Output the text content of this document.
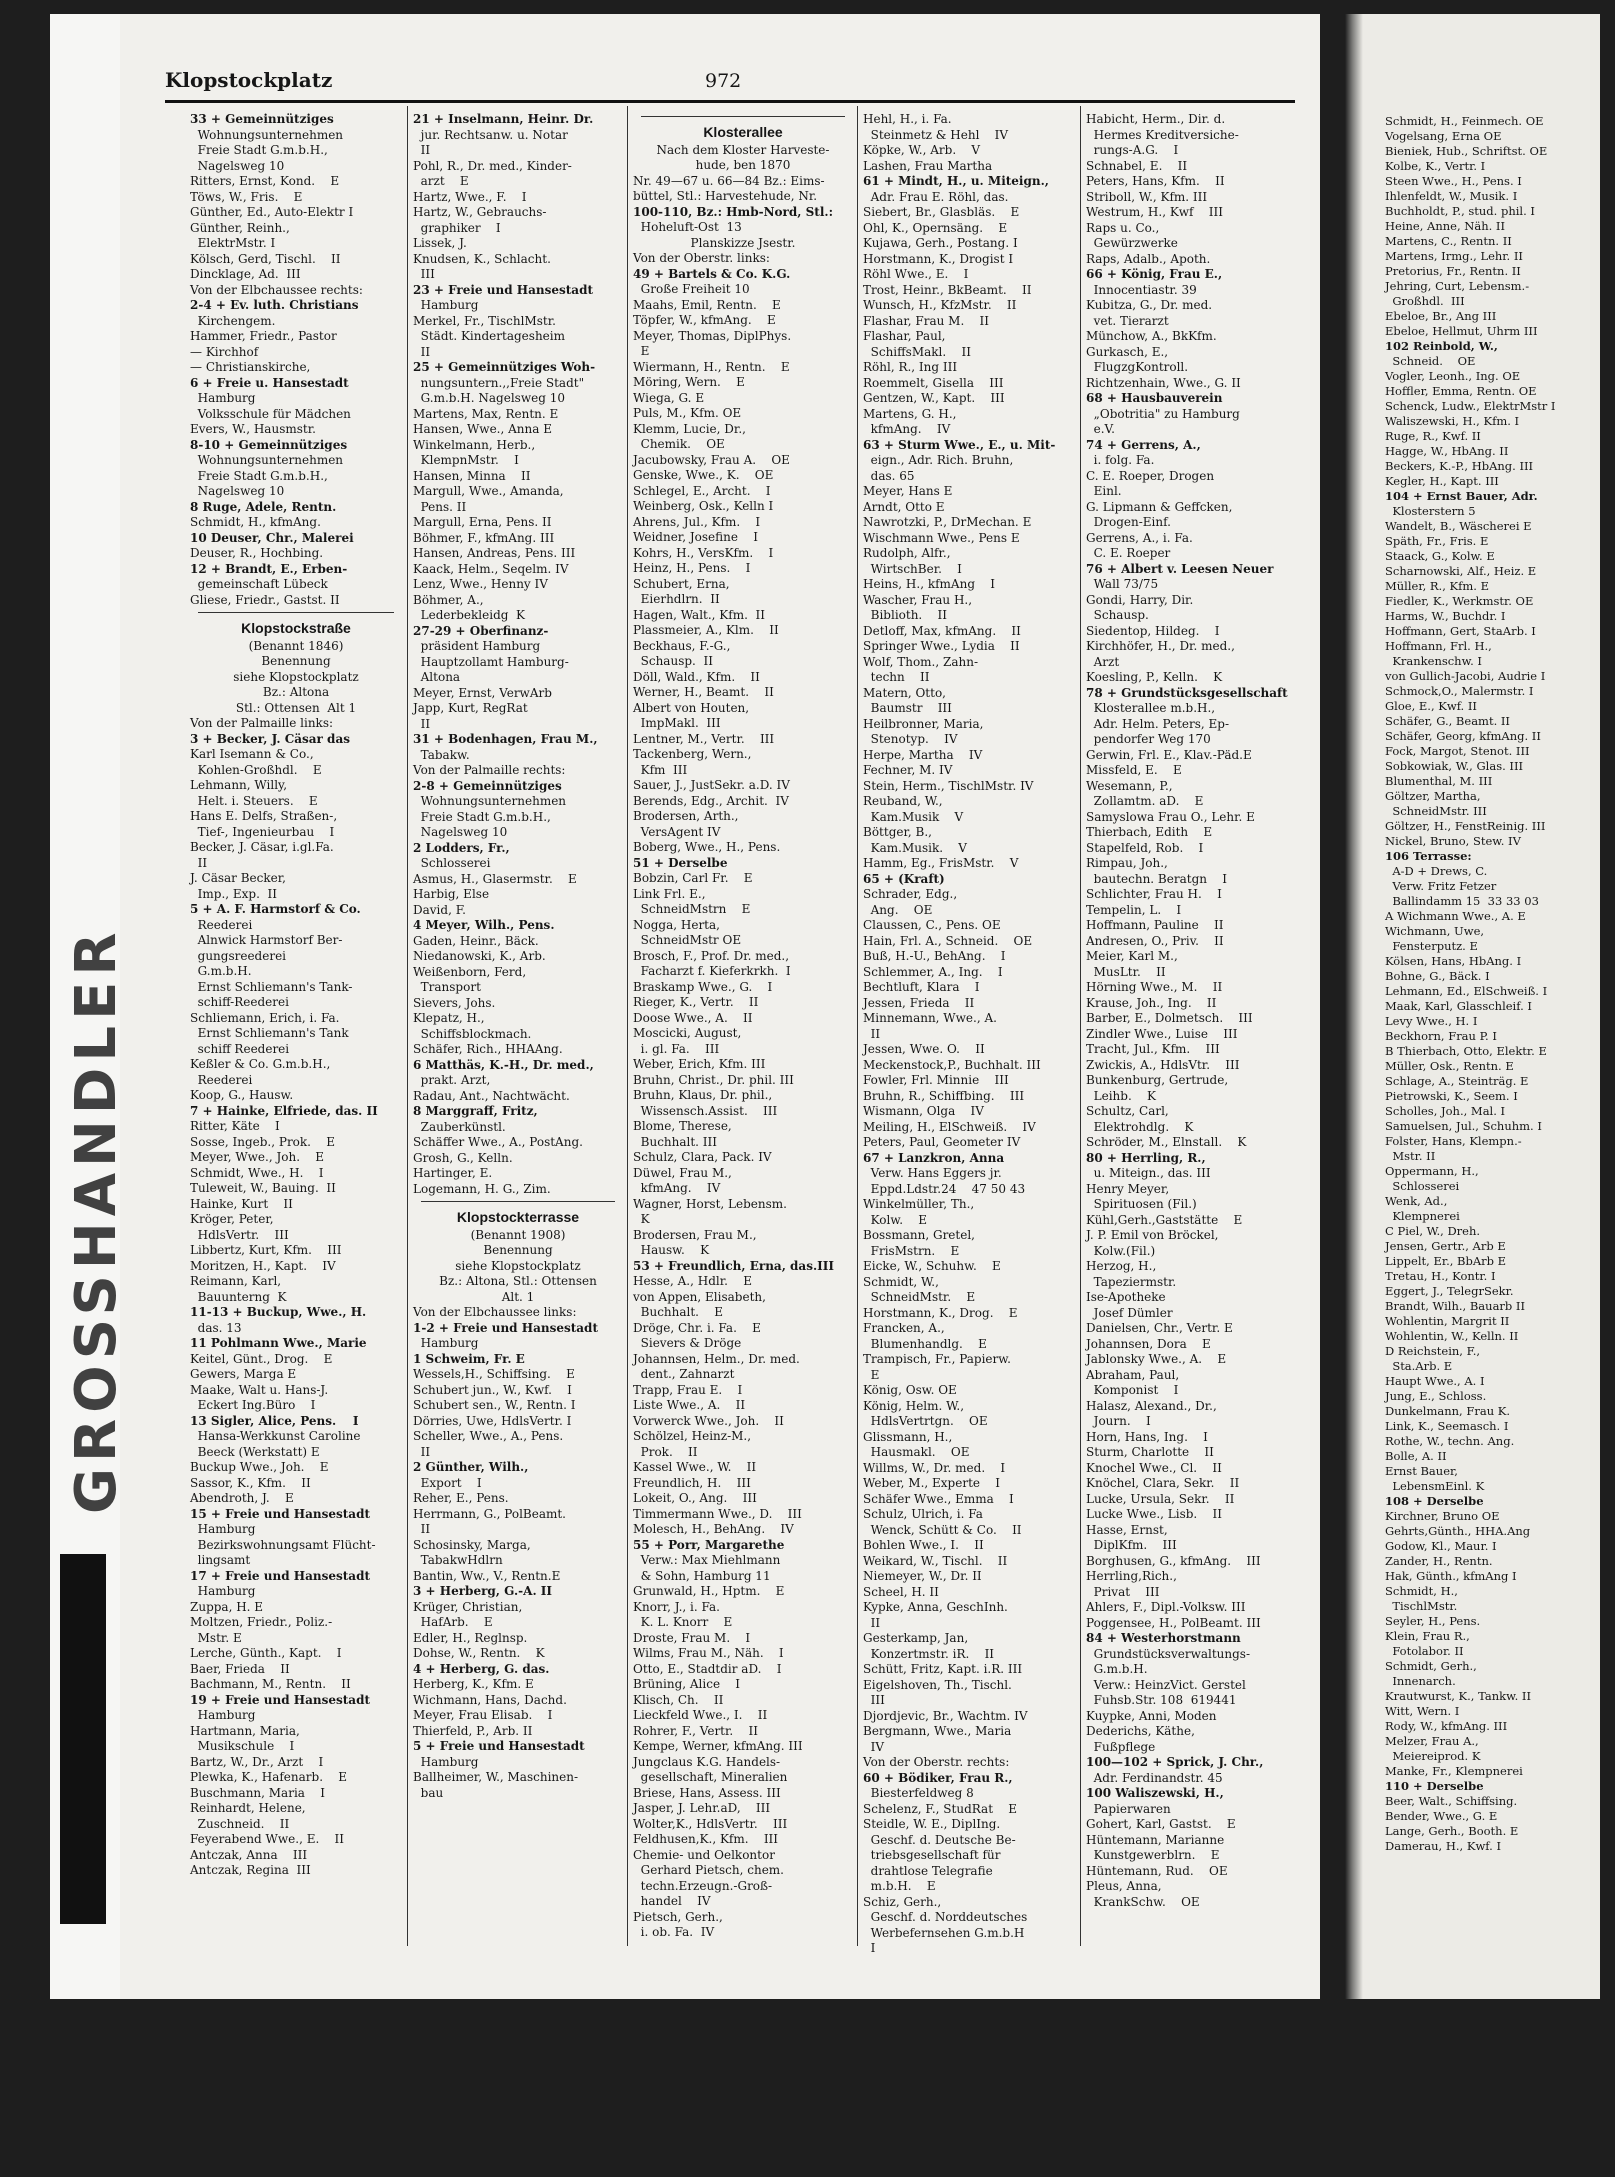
GROSSHANDLER
Klopstockplatz	972

33 + Gemeinnütziges

Wohnungsunternehmen

Freie Stadt G.m.b.H.,

Nagelsweg 10

Ritters, Ernst, Kond.    E

Töws, W., Fris.    E

Günther, Ed., Auto-Elektr I

Günther, Reinh.,

ElektrMstr. I

Kölsch, Gerd, Tischl.    II

Dincklage, Ad.  III

Von der Elbchaussee rechts:

2-4 + Ev. luth. Christians

Kirchengem.

Hammer, Friedr., Pastor

— Kirchhof

— Christianskirche,

6 + Freie u. Hansestadt

Hamburg

Volksschule für Mädchen

Evers, W., Hausmstr.

8-10 + Gemeinnütziges

Wohnungsunternehmen

Freie Stadt G.m.b.H.,

Nagelsweg 10

8 Ruge, Adele, Rentn.

Schmidt, H., kfmAng.

10 Deuser, Chr., Malerei

Deuser, R., Hochbing.

12 + Brandt, E., Erben-

gemeinschaft Lübeck

Gliese, Friedr., Gastst. II

Klopstockstraße

(Benannt 1846)

Benennung

siehe Klopstockplatz

Bz.: Altona

Stl.: Ottensen  Alt 1

Von der Palmaille links:

3 + Becker, J. Cäsar das

Karl Isemann & Co.,

Kohlen-Großhdl.    E

Lehmann, Willy,

Helt. i. Steuers.    E

Hans E. Delfs, Straßen-,

Tief-, Ingenieurbau    I

Becker, J. Cäsar, i.gl.Fa.

II

J. Cäsar Becker,

Imp., Exp.  II

5 + A. F. Harmstorf & Co.

Reederei

Alnwick Harmstorf Ber-

gungsreederei

G.m.b.H.

Ernst Schliemann's Tank-

schiff-Reederei

Schliemann, Erich, i. Fa.

Ernst Schliemann's Tank

schiff Reederei

Keßler & Co. G.m.b.H.,

Reederei

Koop, G., Hausw.

7 + Hainke, Elfriede, das. II

Ritter, Käte    I

Sosse, Ingeb., Prok.    E

Meyer, Wwe., Joh.    E

Schmidt, Wwe., H.    I

Tuleweit, W., Bauing.  II

Hainke, Kurt    II

Kröger, Peter,

HdlsVertr.    III

Libbertz, Kurt, Kfm.    III

Moritzen, H., Kapt.    IV

Reimann, Karl,

Bauunterng  K

11-13 + Buckup, Wwe., H.

das. 13

11 Pohlmann Wwe., Marie

Keitel, Günt., Drog.    E

Gewers, Marga E

Maake, Walt u. Hans-J.

Eckert Ing.Büro    I

13 Sigler, Alice, Pens.    I

Hansa-Werkkunst Caroline

Beeck (Werkstatt) E

Buckup Wwe., Joh.    E

Sassor, K., Kfm.    II

Abendroth, J.    E

15 + Freie und Hansestadt

Hamburg

Bezirkswohnungsamt Flücht-

lingsamt

17 + Freie und Hansestadt

Hamburg

Zuppa, H. E

Moltzen, Friedr., Poliz.-

Mstr. E

Lerche, Günth., Kapt.    I

Baer, Frieda    II

Bachmann, M., Rentn.    II

19 + Freie und Hansestadt

Hamburg

Hartmann, Maria,

Musikschule    I

Bartz, W., Dr., Arzt    I

Plewka, K., Hafenarb.    E

Buschmann, Maria    I

Reinhardt, Helene,

Zuschneid.    II

Feyerabend Wwe., E.    II

Antczak, Anna    III

Antczak, Regina  III

21 + Inselmann, Heinr. Dr.

jur. Rechtsanw. u. Notar

II

Pohl, R., Dr. med., Kinder-

arzt    E

Hartz, Wwe., F.    I

Hartz, W., Gebrauchs-

graphiker    I

Lissek, J.

Knudsen, K., Schlacht.

III

23 + Freie und Hansestadt

Hamburg

Merkel, Fr., TischlMstr.

Städt. Kindertagesheim

II

25 + Gemeinnütziges Woh-

nungsuntern.,,Freie Stadt"

G.m.b.H. Nagelsweg 10

Martens, Max, Rentn. E

Hansen, Wwe., Anna E

Winkelmann, Herb.,

KlempnMstr.    I

Hansen, Minna    II

Margull, Wwe., Amanda,

Pens. II

Margull, Erna, Pens. II

Böhmer, F., kfmAng. III

Hansen, Andreas, Pens. III

Kaack, Helm., Seqelm. IV

Lenz, Wwe., Henny IV

Böhmer, A.,

Lederbekleidg  K

27-29 + Oberfinanz-

präsident Hamburg

Hauptzollamt Hamburg-

Altona

Meyer, Ernst, VerwArb

Japp, Kurt, RegRat

II

31 + Bodenhagen, Frau M.,

Tabakw.

Von der Palmaille rechts:

2-8 + Gemeinnütziges

Wohnungsunternehmen

Freie Stadt G.m.b.H.,

Nagelsweg 10

2 Lodders, Fr.,

Schlosserei

Asmus, H., Glasermstr.    E

Harbig, Else

David, F.

4 Meyer, Wilh., Pens.

Gaden, Heinr., Bäck.

Niedanowski, K., Arb.

Weißenborn, Ferd,

Transport

Sievers, Johs.

Klepatz, H.,

Schiffsblockmach.

Schäfer, Rich., HHAAng.

6 Matthäs, K.-H., Dr. med.,

prakt. Arzt,

Radau, Ant., Nachtwächt.

8 Marggraff, Fritz,

Zauberkünstl.

Schäffer Wwe., A., PostAng.

Grosh, G., Kelln.

Hartinger, E.

Logemann, H. G., Zim.

Klopstockterrasse

(Benannt 1908)

Benennung

siehe Klopstockplatz

Bz.: Altona, Stl.: Ottensen

Alt. 1

Von der Elbchaussee links:

1-2 + Freie und Hansestadt

Hamburg

1 Schweim, Fr. E

Wessels,H., Schiffsing.    E

Schubert jun., W., Kwf.    I

Schubert sen., W., Rentn. I

Dörries, Uwe, HdlsVertr. I

Scheller, Wwe., A., Pens.

II

2 Günther, Wilh.,

Export    I

Reher, E., Pens.

Herrmann, G., PolBeamt.

II

Schosinsky, Marga,

TabakwHdlrn

Bantin, Ww., V., Rentn.E

3 + Herberg, G.-A. II

Krüger, Christian,

HafArb.    E

Edler, H., Reglnsp.

Dohse, W., Rentn.    K

4 + Herberg, G. das.

Herberg, K., Kfm. E

Wichmann, Hans, Dachd.

Meyer, Frau Elisab.    I

Thierfeld, P., Arb. II

5 + Freie und Hansestadt

Hamburg

Ballheimer, W., Maschinen-

bau

Klosterallee

Nach dem Kloster Harveste-

hude, ben 1870

Nr. 49—67 u. 66—84 Bz.: Eims-

büttel, Stl.: Harvestehude, Nr.

100-110, Bz.: Hmb-Nord, Stl.:

Hoheluft-Ost  13

Planskizze Jsestr.

Von der Oberstr. links:

49 + Bartels & Co. K.G.

Große Freiheit 10

Maahs, Emil, Rentn.    E

Töpfer, W., kfmAng.    E

Meyer, Thomas, DiplPhys.

E

Wiermann, H., Rentn.    E

Möring, Wern.    E

Wiega, G. E

Puls, M., Kfm. OE

Klemm, Lucie, Dr.,

Chemik.    OE

Jacubowsky, Frau A.    OE

Genske, Wwe., K.    OE

Schlegel, E., Archt.    I

Weinberg, Osk., Kelln I

Ahrens, Jul., Kfm.    I

Weidner, Josefine    I

Kohrs, H., VersKfm.    I

Heinz, H., Pens.    I

Schubert, Erna,

Eierhdlrn.  II

Hagen, Walt., Kfm.  II

Plassmeier, A., Klm.    II

Beckhaus, F.-G.,

Schausp.  II

Döll, Wald., Kfm.    II

Werner, H., Beamt.    II

Albert von Houten,

ImpMakl.  III

Lentner, M., Vertr.    III

Tackenberg, Wern.,

Kfm  III

Sauer, J., JustSekr. a.D. IV

Berends, Edg., Archit.  IV

Brodersen, Arth.,

VersAgent IV

Boberg, Wwe., H., Pens.

51 + Derselbe

Bobzin, Carl Fr.    E

Link Frl. E.,

SchneidMstrn    E

Nogga, Herta,

SchneidMstr OE

Brosch, F., Prof. Dr. med.,

Facharzt f. Kieferkrkh.  I

Braskamp Wwe., G.    I

Rieger, K., Vertr.    II

Doose Wwe., A.    II

Moscicki, August,

i. gl. Fa.    III

Weber, Erich, Kfm. III

Bruhn, Christ., Dr. phil. III

Bruhn, Klaus, Dr. phil.,

Wissensch.Assist.    III

Blome, Therese,

Buchhalt. III

Schulz, Clara, Pack. IV

Düwel, Frau M.,

kfmAng.    IV

Wagner, Horst, Lebensm.

K

Brodersen, Frau M.,

Hausw.    K

53 + Freundlich, Erna, das.III

Hesse, A., Hdlr.    E

von Appen, Elisabeth,

Buchhalt.    E

Dröge, Chr. i. Fa.    E

Sievers & Dröge

Johannsen, Helm., Dr. med.

dent., Zahnarzt

Trapp, Frau E.    I

Liste Wwe., A.    II

Vorwerck Wwe., Joh.    II

Schölzel, Heinz-M.,

Prok.    II

Kassel Wwe., W.    II

Freundlich, H.    III

Lokeit, O., Ang.    III

Timmermann Wwe., D.    III

Molesch, H., BehAng.    IV

55 + Porr, Margarethe

Verw.: Max Miehlmann

& Sohn, Hamburg 11

Grunwald, H., Hptm.    E

Knorr, J., i. Fa.

K. L. Knorr    E

Droste, Frau M.    I

Wilms, Frau M., Näh.    I

Otto, E., Stadtdir aD.    I

Brüning, Alice    I

Klisch, Ch.    II

Lieckfeld Wwe., I.    II

Rohrer, F., Vertr.    II

Kempe, Werner, kfmAng. III

Jungclaus K.G. Handels-

gesellschaft, Mineralien

Briese, Hans, Assess. III

Jasper, J. Lehr.aD,    III

Wolter,K., HdlsVertr.    III

Feldhusen,K., Kfm.    III

Chemie- und Oelkontor

Gerhard Pietsch, chem.

techn.Erzeugn.-Groß-

handel    IV

Pietsch, Gerh.,

i. ob. Fa.  IV

Hehl, H., i. Fa.

Steinmetz & Hehl    IV

Köpke, W., Arb.    V

Lashen, Frau Martha

61 + Mindt, H., u. Miteign.,

Adr. Frau E. Röhl, das.

Siebert, Br., Glasbläs.    E

Ohl, K., Opernsäng.    E

Kujawa, Gerh., Postang. I

Horstmann, K., Drogist I

Röhl Wwe., E.    I

Trost, Heinr., BkBeamt.    II

Wunsch, H., KfzMstr.    II

Flashar, Frau M.    II

Flashar, Paul,

SchiffsMakl.    II

Röhl, R., Ing III

Roemmelt, Gisella    III

Gentzen, W., Kapt.    III

Martens, G. H.,

kfmAng.    IV

63 + Sturm Wwe., E., u. Mit-

eign., Adr. Rich. Bruhn,

das. 65

Meyer, Hans E

Arndt, Otto E

Nawrotzki, P., DrMechan. E

Wischmann Wwe., Pens E

Rudolph, Alfr.,

WirtschBer.    I

Heins, H., kfmAng    I

Wascher, Frau H.,

Biblioth.    II

Detloff, Max, kfmAng.    II

Springer Wwe., Lydia    II

Wolf, Thom., Zahn-

techn    II

Matern, Otto,

Baumstr    III

Heilbronner, Maria,

Stenotyp.    IV

Herpe, Martha    IV

Fechner, M. IV

Stein, Herm., TischlMstr. IV

Reuband, W.,

Kam.Musik    V

Böttger, B.,

Kam.Musik.    V

Hamm, Eg., FrisMstr.    V

65 + (Kraft)

Schrader, Edg.,

Ang.    OE

Claussen, C., Pens. OE

Hain, Frl. A., Schneid.    OE

Buß, H.-U., BehAng.    I

Schlemmer, A., Ing.    I

Bechtluft, Klara    I

Jessen, Frieda    II

Minnemann, Wwe., A.

II

Jessen, Wwe. O.    II

Meckenstock,P., Buchhalt. III

Fowler, Frl. Minnie    III

Bruhn, R., Schiffbing.    III

Wismann, Olga    IV

Meiling, H., ElSchweiß.    IV

Peters, Paul, Geometer IV

67 + Lanzkron, Anna

Verw. Hans Eggers jr.

Eppd.Ldstr.24    47 50 43

Winkelmüller, Th.,

Kolw.    E

Bossmann, Gretel,

FrisMstrn.    E

Eicke, W., Schuhw.    E

Schmidt, W.,

SchneidMstr.    E

Horstmann, K., Drog.    E

Francken, A.,

Blumenhandlg.    E

Trampisch, Fr., Papierw.

E

König, Osw. OE

König, Helm. W.,

HdlsVertrtgn.    OE

Glissmann, H.,

Hausmakl.    OE

Willms, W., Dr. med.    I

Weber, M., Experte    I

Schäfer Wwe., Emma    I

Schulz, Ulrich, i. Fa

Wenck, Schütt & Co.    II

Bohlen Wwe., I.    II

Weikard, W., Tischl.    II

Niemeyer, W., Dr. II

Scheel, H. II

Kypke, Anna, GeschInh.

II

Gesterkamp, Jan,

Konzertmstr. iR.    II

Schütt, Fritz, Kapt. i.R. III

Eigelshoven, Th., Tischl.

III

Djordjevic, Br., Wachtm. IV

Bergmann, Wwe., Maria

IV

Von der Oberstr. rechts:

60 + Bödiker, Frau R.,

Biesterfeldweg 8

Schelenz, F., StudRat    E

Steidle, W. E., DiplIng.

Geschf. d. Deutsche Be-

triebsgesellschaft für

drahtlose Telegrafie

m.b.H.    E

Schiz, Gerh.,

Geschf. d. Norddeutsches

Werbefernsehen G.m.b.H

I

Habicht, Herm., Dir. d.

Hermes Kreditversiche-

rungs-A.G.    I

Schnabel, E.    II

Peters, Hans, Kfm.    II

Striboll, W., Kfm. III

Westrum, H., Kwf    III

Raps u. Co.,

Gewürzwerke

Raps, Adalb., Apoth.

66 + König, Frau E.,

Innocentiastr. 39

Kubitza, G., Dr. med.

vet. Tierarzt

Münchow, A., BkKfm.

Gurkasch, E.,

FlugzgKontroll.

Richtzenhain, Wwe., G. II

68 + Hausbauverein

„Obotritia" zu Hamburg

e.V.

74 + Gerrens, A.,

i. folg. Fa.

C. E. Roeper, Drogen

Einl.

G. Lipmann & Geffcken,

Drogen-Einf.

Gerrens, A., i. Fa.

C. E. Roeper

76 + Albert v. Leesen Neuer

Wall 73/75

Gondi, Harry, Dir.

Schausp.

Siedentop, Hildeg.    I

Kirchhöfer, H., Dr. med.,

Arzt

Koesling, P., Kelln.    K

78 + Grundstücksgesellschaft

Klosterallee m.b.H.,

Adr. Helm. Peters, Ep-

pendorfer Weg 170

Gerwin, Frl. E., Klav.-Päd.E

Missfeld, E.    E

Wesemann, P.,

Zollamtm. aD.    E

Samyslowa Frau O., Lehr. E

Thierbach, Edith    E

Stapelfeld, Rob.    I

Rimpau, Joh.,

bautechn. Beratgn    I

Schlichter, Frau H.    I

Tempelin, L.    I

Hoffmann, Pauline    II

Andresen, O., Priv.    II

Meier, Karl M.,

MusLtr.    II

Hörning Wwe., M.    II

Krause, Joh., Ing.    II

Barber, E., Dolmetsch.    III

Zindler Wwe., Luise    III

Tracht, Jul., Kfm.    III

Zwickis, A., HdlsVtr.    III

Bunkenburg, Gertrude,

Leihb.    K

Schultz, Carl,

Elektrohdlg.    K

Schröder, M., Elnstall.    K

80 + Herrling, R.,

u. Miteign., das. III

Henry Meyer,

Spirituosen (Fil.)

Kühl,Gerh.,Gaststätte    E

J. P. Emil von Bröckel,

Kolw.(Fil.)

Herzog, H.,

Tapeziermstr.

Ise-Apotheke

Josef Dümler

Danielsen, Chr., Vertr. E

Johannsen, Dora    E

Jablonsky Wwe., A.    E

Abraham, Paul,

Komponist    I

Halasz, Alexand., Dr.,

Journ.    I

Horn, Hans, Ing.    I

Sturm, Charlotte    II

Knochel Wwe., Cl.    II

Knöchel, Clara, Sekr.    II

Lucke, Ursula, Sekr.    II

Lucke Wwe., Lisb.    II

Hasse, Ernst,

DiplKfm.    III

Borghusen, G., kfmAng.    III

Herrling,Rich.,

Privat    III

Ahlers, F., Dipl.-Volksw. III

Poggensee, H., PolBeamt. III

84 + Westerhorstmann

Grundstücksverwaltungs-

G.m.b.H.

Verw.: HeinzVict. Gerstel

Fuhsb.Str. 108  619441

Kuypke, Anni, Moden

Dederichs, Käthe,

Fußpflege

100—102 + Sprick, J. Chr.,

Adr. Ferdinandstr. 45

100 Waliszewski, H.,

Papierwaren

Gohert, Karl, Gastst.    E

Hüntemann, Marianne

Kunstgewerblrn.    E

Hüntemann, Rud.    OE

Pleus, Anna,

KrankSchw.    OE

Schmidt, H., Feinmech. OE

Vogelsang, Erna OE

Bieniek, Hub., Schriftst. OE

Kolbe, K., Vertr. I

Steen Wwe., H., Pens. I

Ihlenfeldt, W., Musik. I

Buchholdt, P., stud. phil. I

Heine, Anne, Näh. II

Martens, C., Rentn. II

Martens, Irmg., Lehr. II

Pretorius, Fr., Rentn. II

Jehring, Curt, Lebensm.-

Großhdl.  III

Ebeloe, Br., Ang III

Ebeloe, Hellmut, Uhrm III

102 Reinbold, W.,

Schneid.    OE

Vogler, Leonh., Ing. OE

Hoffler, Emma, Rentn. OE

Schenck, Ludw., ElektrMstr I

Waliszewski, H., Kfm. I

Ruge, R., Kwf. II

Hagge, W., HbAng. II

Beckers, K.-P., HbAng. III

Kegler, H., Kapt. III

104 + Ernst Bauer, Adr.

Klosterstern 5

Wandelt, B., Wäscherei E

Späth, Fr., Fris. E

Staack, G., Kolw. E

Scharnowski, Alf., Heiz. E

Müller, R., Kfm. E

Fiedler, K., Werkmstr. OE

Harms, W., Buchdr. I

Hoffmann, Gert, StaArb. I

Hoffmann, Frl. H.,

Krankenschw. I

von Gullich-Jacobi, Audrie I

Schmock,O., Malermstr. I

Gloe, E., Kwf. II

Schäfer, G., Beamt. II

Schäfer, Georg, kfmAng. II

Fock, Margot, Stenot. III

Sobkowiak, W., Glas. III

Blumenthal, M. III

Göltzer, Martha,

SchneidMstr. III

Göltzer, H., FenstReinig. III

Nickel, Bruno, Stew. IV

106 Terrasse:

A-D + Drews, C.

Verw. Fritz Fetzer

Ballindamm 15  33 33 03

A Wichmann Wwe., A. E

Wichmann, Uwe,

Fensterputz. E

Kölsen, Hans, HbAng. I

Bohne, G., Bäck. I

Lehmann, Ed., ElSchweiß. I

Maak, Karl, Glasschleif. I

Levy Wwe., H. I

Beckhorn, Frau P. I

B Thierbach, Otto, Elektr. E

Müller, Osk., Rentn. E

Schlage, A., Steinträg. E

Pietrowski, K., Seem. I

Scholles, Joh., Mal. I

Samuelsen, Jul., Schuhm. I

Folster, Hans, Klempn.-

Mstr. II

Oppermann, H.,

Schlosserei

Wenk, Ad.,

Klempnerei

C Piel, W., Dreh.

Jensen, Gertr., Arb E

Lippelt, Er., BbArb E

Tretau, H., Kontr. I

Eggert, J., TelegrSekr.

Brandt, Wilh., Bauarb II

Wohlentin, Margrit II

Wohlentin, W., Kelln. II

D Reichstein, F.,

Sta.Arb. E

Haupt Wwe., A. I

Jung, E., Schloss.

Dunkelmann, Frau K.

Link, K., Seemasch. I

Rothe, W., techn. Ang.

Bolle, A. II

Ernst Bauer,

LebensmEinl. K

108 + Derselbe

Kirchner, Bruno OE

Gehrts,Günth., HHA.Ang

Godow, Kl., Maur. I

Zander, H., Rentn.

Hak, Günth., kfmAng I

Schmidt, H.,

TischlMstr.

Seyler, H., Pens.

Klein, Frau R.,

Fotolabor. II

Schmidt, Gerh.,

Innenarch.

Krautwurst, K., Tankw. II

Witt, Wern. I

Rody, W., kfmAng. III

Melzer, Frau A.,

Meiereiprod. K

Manke, Fr., Klempnerei

110 + Derselbe

Beer, Walt., Schiffsing.

Bender, Wwe., G. E

Lange, Gerh., Booth. E

Damerau, H., Kwf. I
